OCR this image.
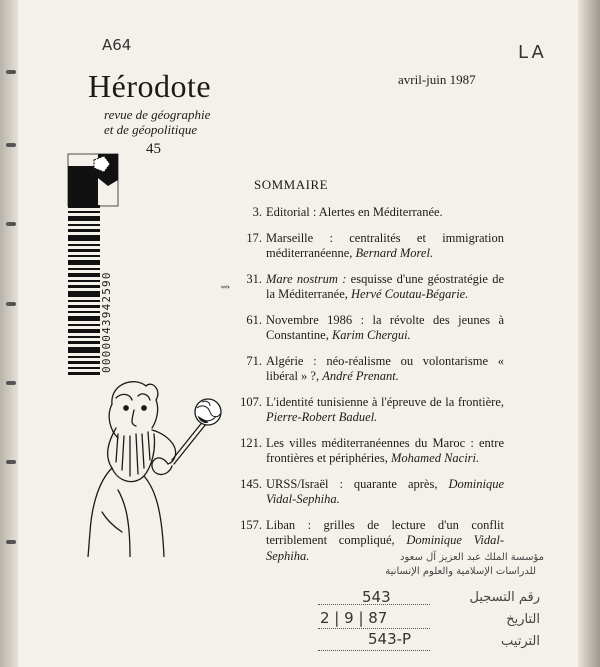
A64	LA
Hérodote
revue de géographie
et de géopolitique
45
avril-juin 1987
0000043942590
SOMMAIRE
⇝
3. Editorial : Alertes en Méditerranée.
17. Marseille : centralités et immigration méditerranéenne, Bernard Morel.
31. Mare nostrum : esquisse d'une géostratégie de la Méditerranée, Hervé Coutau-Bégarie.
61. Novembre 1986 : la révolte des jeunes à Constantine, Karim Chergui.
71. Algérie : néo-réalisme ou volontarisme « libéral » ?, André Prenant.
107. L'identité tunisienne à l'épreuve de la frontière, Pierre-Robert Baduel.
121. Les villes méditerranéennes du Maroc : entre frontières et périphéries, Mohamed Naciri.
145. URSS/Israël : quarante après, Dominique Vidal-Sephiha.
157. Liban : grilles de lecture d'un conflit terriblement compliqué, Dominique Vidal-Sephiha.	مؤسسة الملك عبد العزيز آل سعود
للدراسات الإسلامية والعلوم الإنسانية
543
2 | 9 | 87
543-P
رقم التسجيل
التاريخ
الترتيب
